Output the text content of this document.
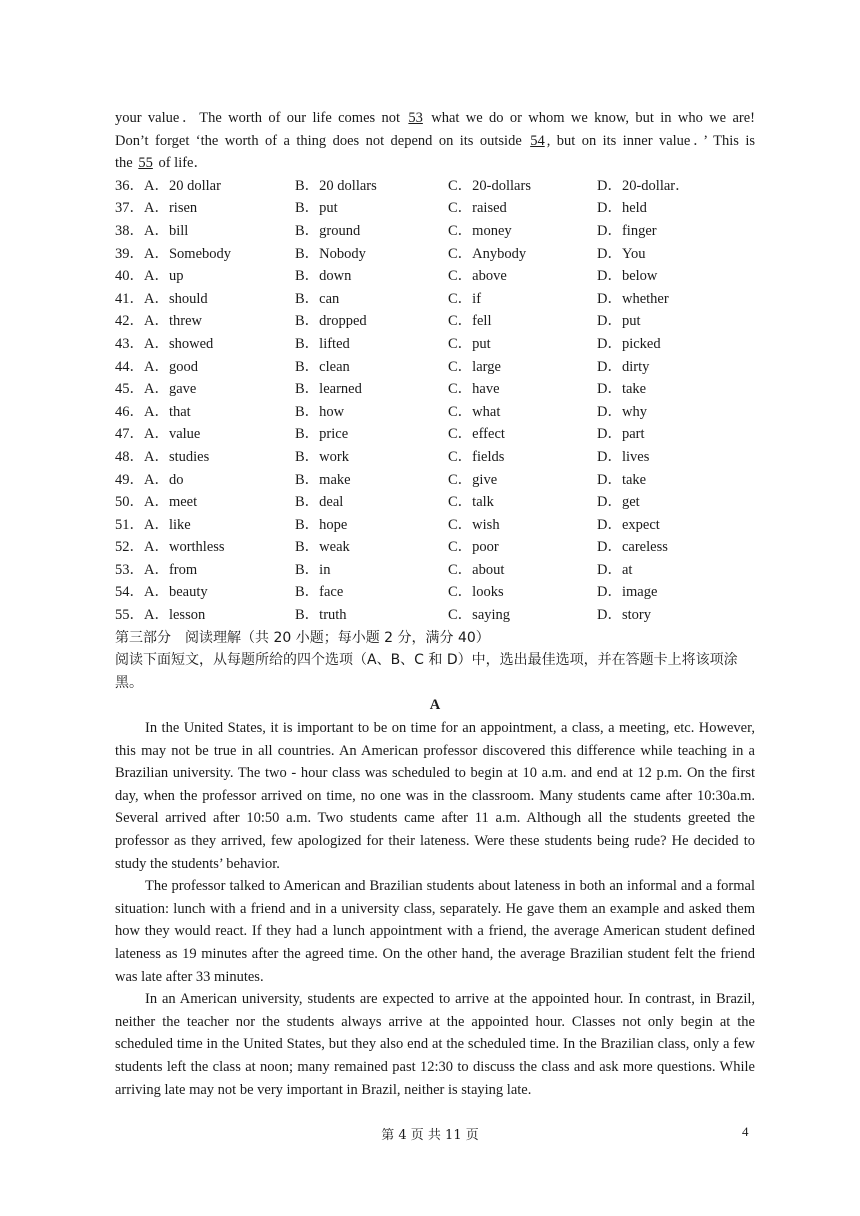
your value．The worth of our life comes not 53 what we do or whom we know, but in who we are!
Don’t forget ‘the worth of a thing does not depend on its outside 54 , but on its inner value．’ This is
the 55 of life．
36．A．20 dollar	B．20 dollars	C．20-dollars	D．20-dollar．
37．A．risen	B．put	C．raised	D．held
38．A．bill	B．ground	C．money	D．finger
39．A．Somebody	B．Nobody	C．Anybody	D．You
40．A．up	B．down	C．above	D．below
41．A．should	B．can	C．if	D．whether
42．A．threw	B．dropped	C．fell	D．put
43．A．showed	B．lifted	C．put	D．picked
44．A．good	B．clean	C．large	D．dirty
45．A．gave	B．learned	C．have	D．take
46．A．that	B．how	C．what	D．why
47．A．value	B．price	C．effect	D．part
48．A．studies	B．work	C．fields	D．lives
49．A．do	B．make	C．give	D．take
50．A．meet	B．deal	C．talk	D．get
51．A．like	B．hope	C．wish	D．expect
52．A．worthless	B．weak	C．poor	D．careless
53．A．from	B．in	C．about	D．at
54．A．beauty	B．face	C．looks	D．image
55．A．lesson	B．truth	C．saying	D．story
第三部分　阅读理解（共 20 小题；每小题 2 分，满分 40）
阅读下面短文，从每题所给的四个选项（A、B、C 和 D）中，选出最佳选项，并在答题卡上将该项涂黑。
A

In the United States, it is important to be on time for an appointment, a class, a meeting, etc. However, this may not be true in all countries. An American professor discovered this difference while teaching in a Brazilian university. The two - hour class was scheduled to begin at 10 a.m. and end at 12 p.m. On the first day, when the professor arrived on time, no one was in the classroom. Many students came after 10:30a.m. Several arrived after 10:50 a.m. Two students came after 11 a.m. Although all the students greeted the professor as they arrived, few apologized for their lateness. Were these students being rude? He decided to study the students’ behavior.

The professor talked to American and Brazilian students about lateness in both an informal and a formal situation: lunch with a friend and in a university class, separately. He gave them an example and asked them how they would react. If they had a lunch appointment with a friend, the average American student defined lateness as 19 minutes after the agreed time. On the other hand, the average Brazilian student felt the friend was late after 33 minutes.

In an American university, students are expected to arrive at the appointed hour. In contrast, in Brazil, neither the teacher nor the students always arrive at the appointed hour. Classes not only begin at the scheduled time in the United States, but they also end at the scheduled time. In the Brazilian class, only a few students left the class at noon; many remained past 12:30 to discuss the class and ask more questions. While arriving late may not be very important in Brazil, neither is staying late.

第 4 页 共 11 页	4
